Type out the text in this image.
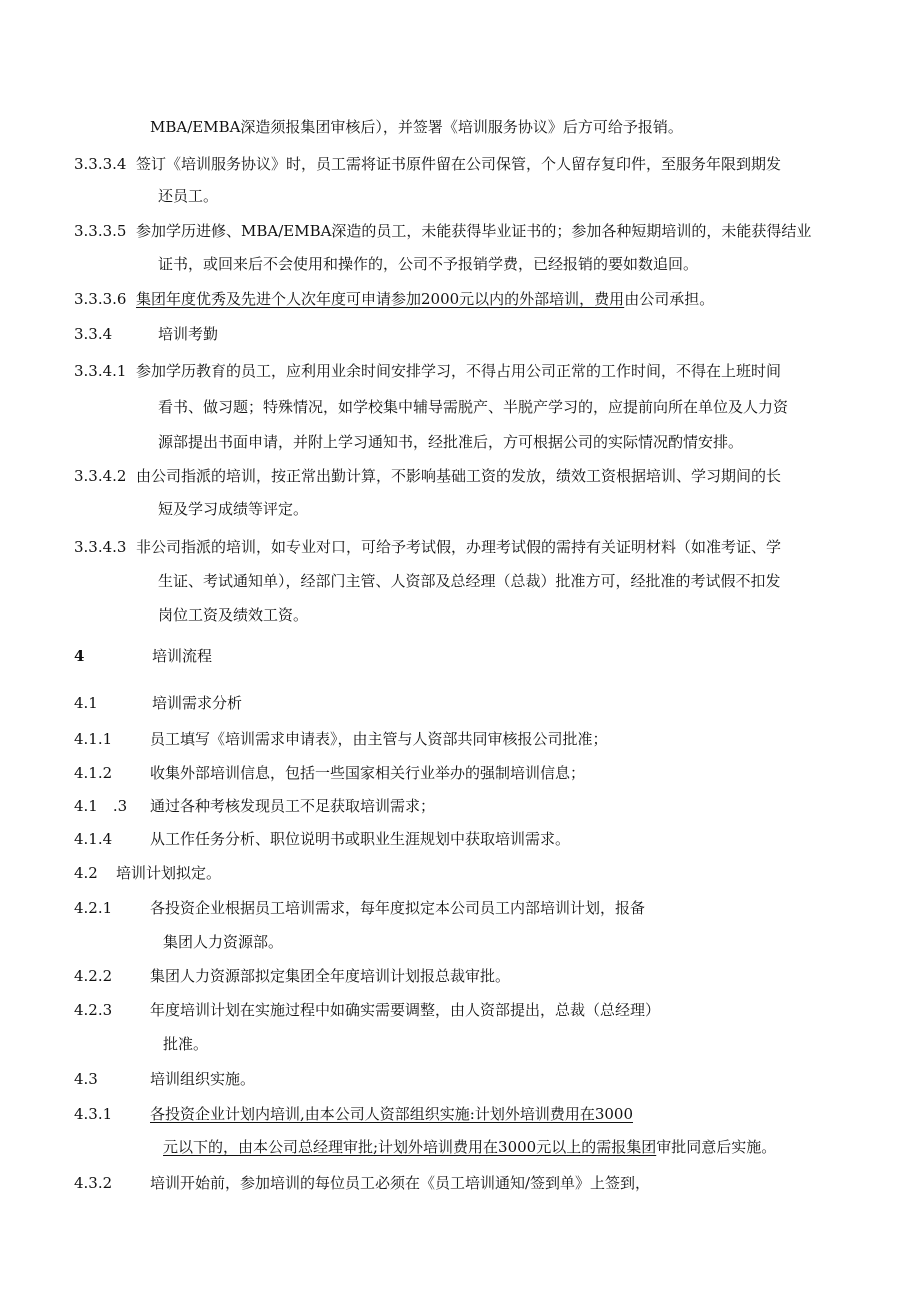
MBA/EMBA深造须报集团审核后），并签署《培训服务协议》后方可给予报销。
3.3.3.4 签订《培训服务协议》时，员工需将证书原件留在公司保管，个人留存复印件，至服务年限到期发
还员工。
3.3.3.5 参加学历进修、MBA/EMBA深造的员工，未能获得毕业证书的；参加各种短期培训的，未能获得结业
证书，或回来后不会使用和操作的，公司不予报销学费，已经报销的要如数追回。
3.3.3.6 集团年度优秀及先进个人次年度可申请参加2000元以内的外部培训，费用由公司承担。
3.3.4	培训考勤
3.3.4.1 参加学历教育的员工，应利用业余时间安排学习，不得占用公司正常的工作时间，不得在上班时间
看书、做习题；特殊情况，如学校集中辅导需脱产、半脱产学习的，应提前向所在单位及人力资
源部提出书面申请，并附上学习通知书，经批准后，方可根据公司的实际情况酌情安排。
3.3.4.2 由公司指派的培训，按正常出勤计算，不影响基础工资的发放，绩效工资根据培训、学习期间的长
短及学习成绩等评定。
3.3.4.3 非公司指派的培训，如专业对口，可给予考试假，办理考试假的需持有关证明材料（如准考证、学
生证、考试通知单），经部门主管、人资部及总经理（总裁）批准方可，经批准的考试假不扣发
岗位工资及绩效工资。
4	培训流程
4.1	培训需求分析
4.1.1	员工填写《培训需求申请表》，由主管与人资部共同审核报公司批准；
4.1.2	收集外部培训信息，包括一些国家相关行业举办的强制培训信息；
4.1　.3 通过各种考核发现员工不足获取培训需求；
4.1.4	从工作任务分析、职位说明书或职业生涯规划中获取培训需求。
4.2 培训计划拟定。
4.2.1	各投资企业根据员工培训需求，每年度拟定本公司员工内部培训计划，报备
集团人力资源部。
4.2.2	集团人力资源部拟定集团全年度培训计划报总裁审批。
4.2.3	年度培训计划在实施过程中如确实需要调整，由人资部提出，总裁（总经理）
批准。
4.3	培训组织实施。
4.3.1	各投资企业计划内培训,由本公司人资部组织实施:计划外培训费用在3000
元以下的，由本公司总经理审批;计划外培训费用在3000元以上的需报集团审批同意后实施。
4.3.2	培训开始前，参加培训的每位员工必须在《员工培训通知/签到单》上签到，
